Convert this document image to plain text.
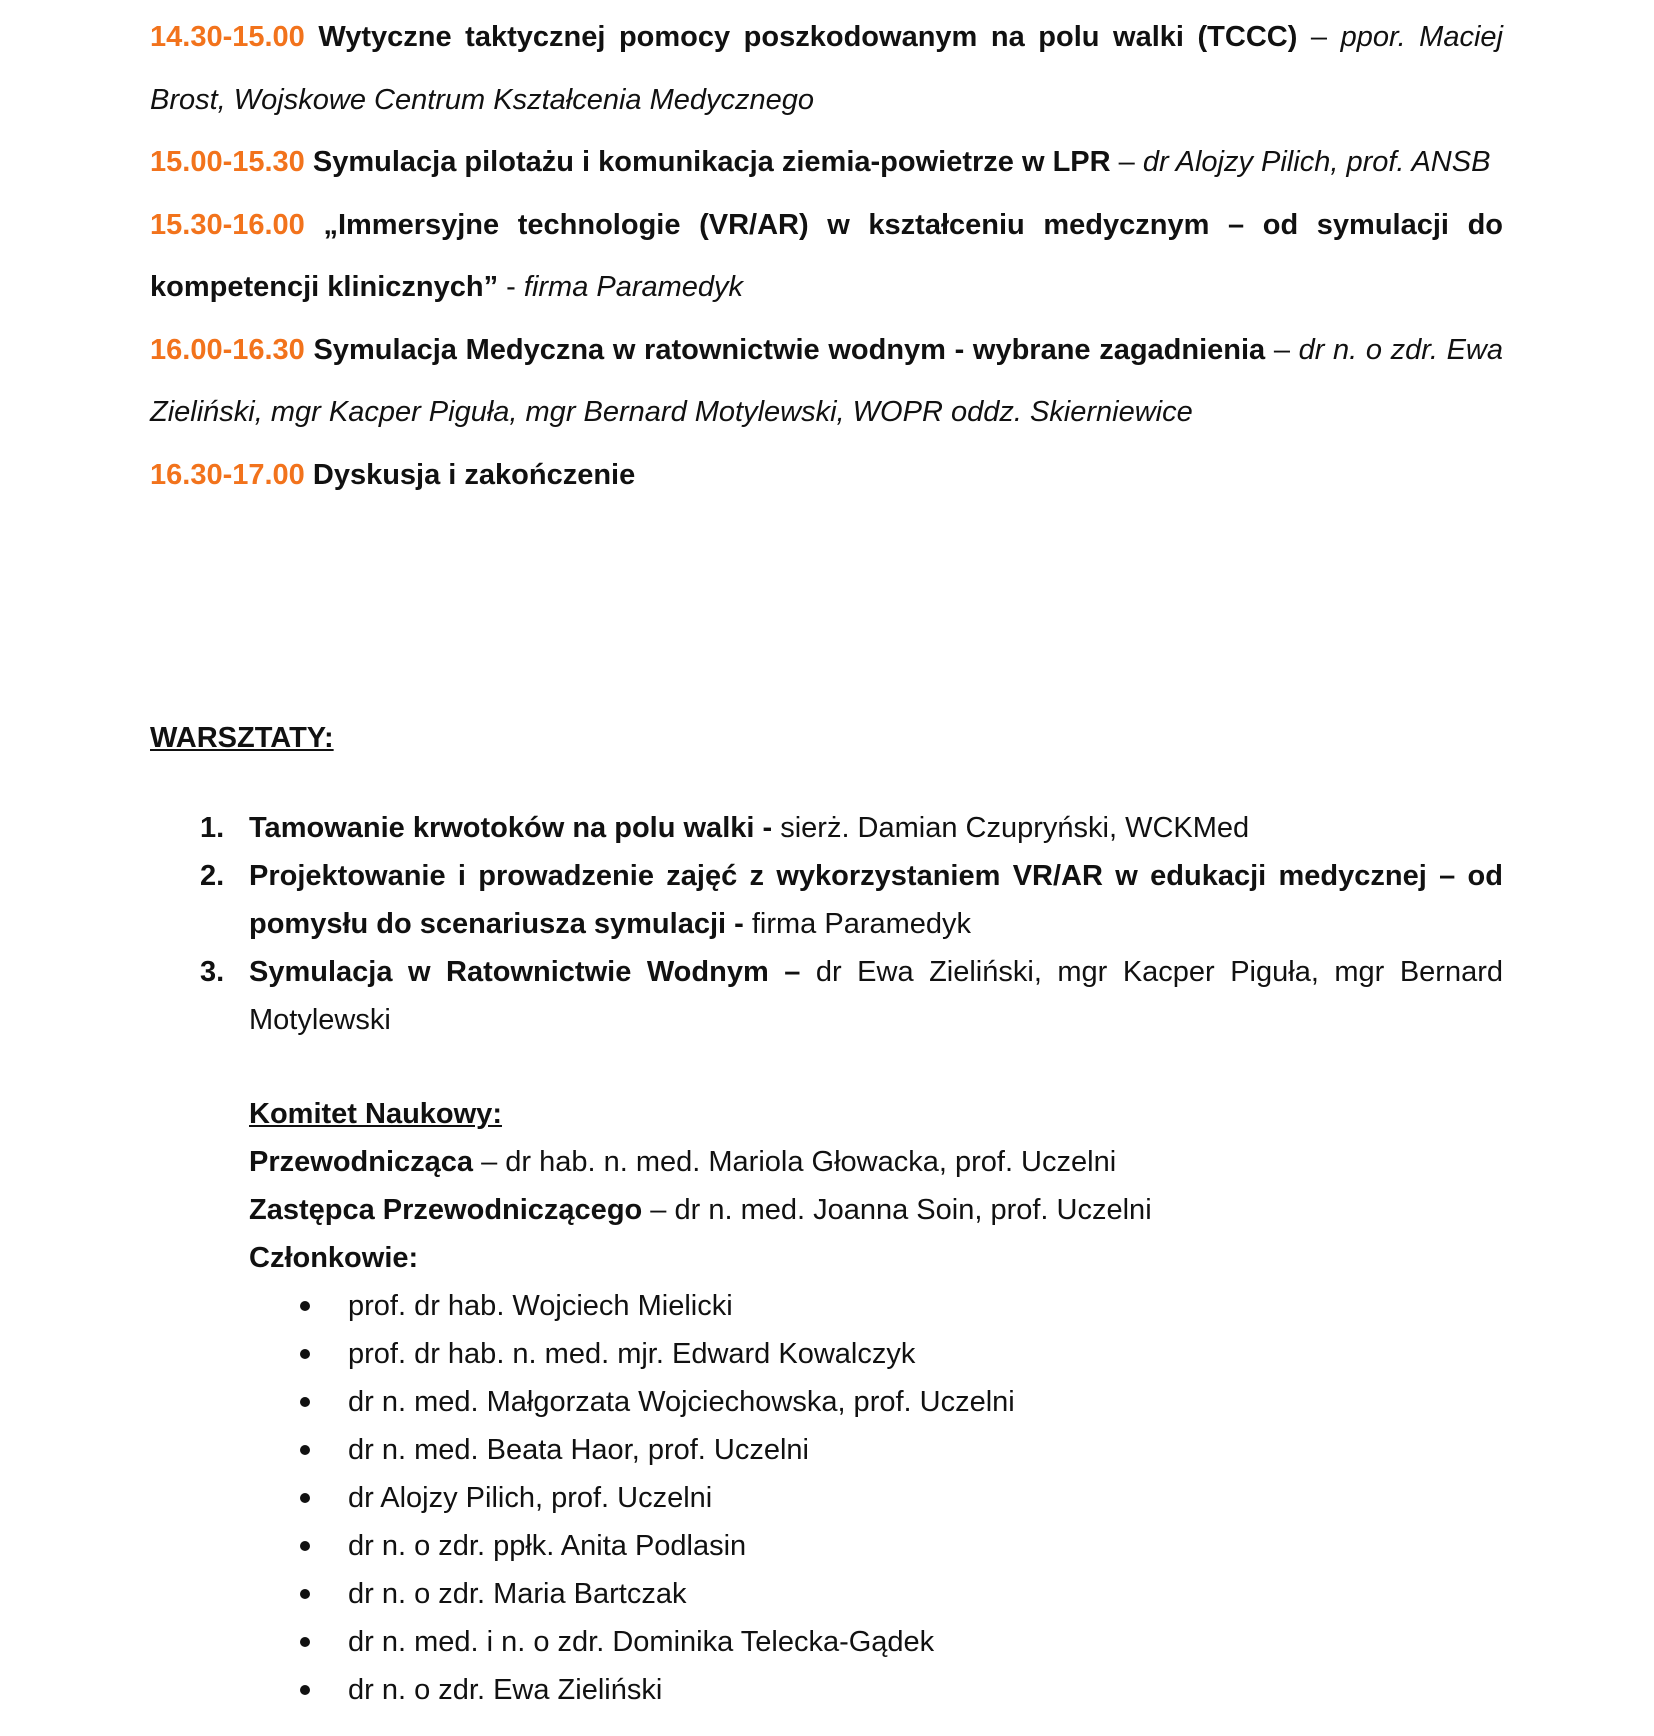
14.30-15.00 Wytyczne taktycznej pomocy poszkodowanym na polu walki (TCCC) – ppor. Maciej Brost, Wojskowe Centrum Kształcenia Medycznego

15.00-15.30 Symulacja pilotażu i komunikacja ziemia-powietrze w LPR – dr Alojzy Pilich, prof. ANSB

15.30-16.00 „Immersyjne technologie (VR/AR) w kształceniu medycznym – od symulacji do kompetencji klinicznych” - firma Paramedyk

16.00-16.30 Symulacja Medyczna w ratownictwie wodnym - wybrane zagadnienia – dr n. o zdr. Ewa Zieliński, mgr Kacper Piguła, mgr Bernard Motylewski, WOPR oddz. Skierniewice

16.30-17.00 Dyskusja i zakończenie

WARSZTATY:
1. Tamowanie krwotoków na polu walki - sierż. Damian Czupryński, WCKMed
2. Projektowanie i prowadzenie zajęć z wykorzystaniem VR/AR w edukacji medycznej – od pomysłu do scenariusza symulacji - firma Paramedyk
3. Symulacja w Ratownictwie Wodnym – dr Ewa Zieliński, mgr Kacper Piguła, mgr Bernard Motylewski
Komitet Naukowy:
Przewodnicząca – dr hab. n. med. Mariola Głowacka, prof. Uczelni
Zastępca Przewodniczącego – dr n. med. Joanna Soin, prof. Uczelni
Członkowie:
prof. dr hab. Wojciech Mielicki
prof. dr hab. n. med. mjr. Edward Kowalczyk
dr n. med. Małgorzata Wojciechowska, prof. Uczelni
dr n. med. Beata Haor, prof. Uczelni
dr Alojzy Pilich, prof. Uczelni
dr n. o zdr. ppłk. Anita Podlasin
dr n. o zdr. Maria Bartczak
dr n. med. i n. o zdr. Dominika Telecka-Gądek
dr n. o zdr. Ewa Zieliński
